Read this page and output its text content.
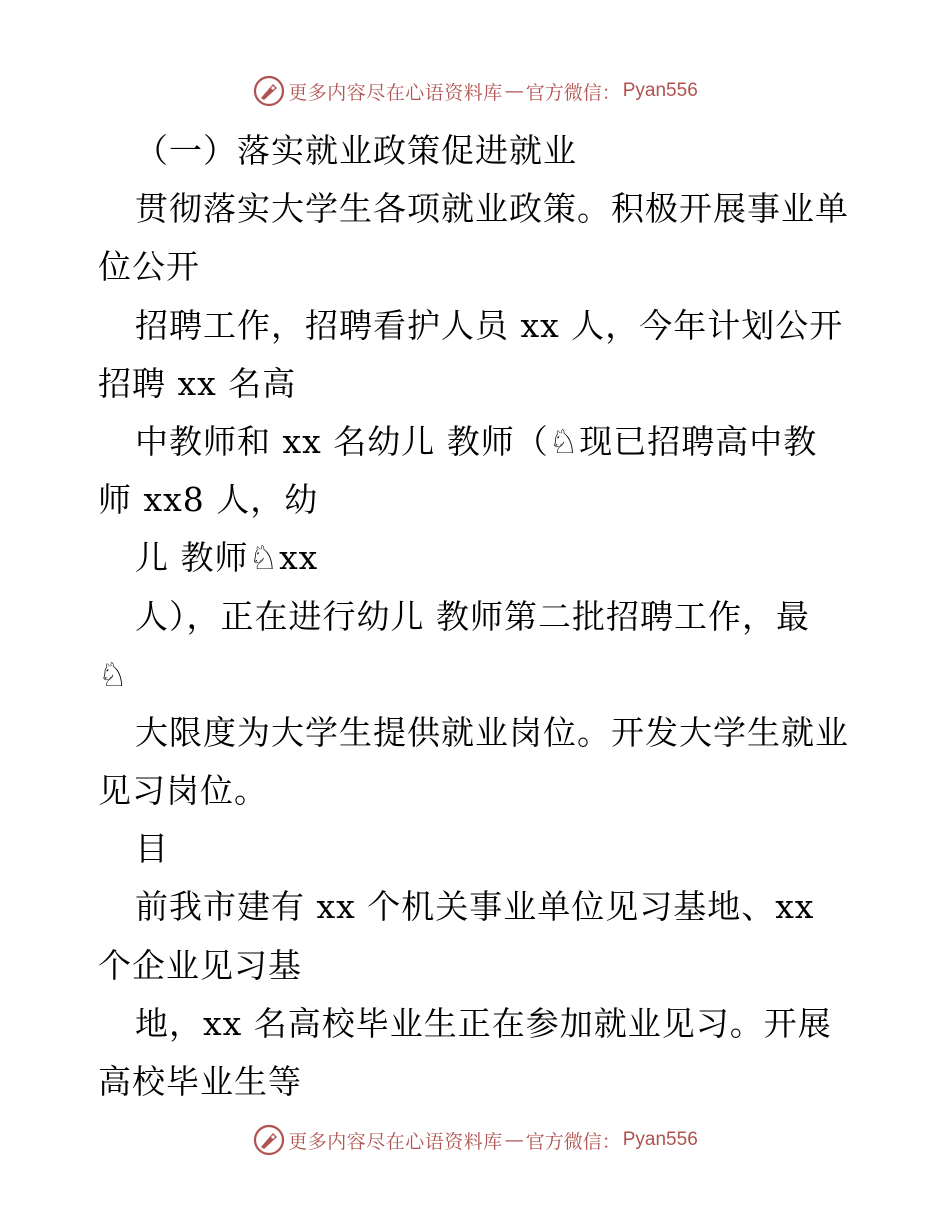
更多内容尽在心语资料库 — 官方微信： Pyan556
（一）落实就业政策促进就业
贯彻落实大学生各项就业政策。积极开展事业单
位公开
招聘工作，招聘看护人员 xx 人，今年计划公开
招聘 xx 名高
中教师和 xx 名幼儿 教师（♘现已招聘高中教
师 xx8 人，幼
儿 教师♘xx
人），正在进行幼儿 教师第二批招聘工作，最
♘
大限度为大学生提供就业岗位。开发大学生就业
见习岗位。
目
前我市建有 xx 个机关事业单位见习基地、xx
个企业见习基
地，xx 名高校毕业生正在参加就业见习。开展
高校毕业生等
更多内容尽在心语资料库 — 官方微信： Pyan556
